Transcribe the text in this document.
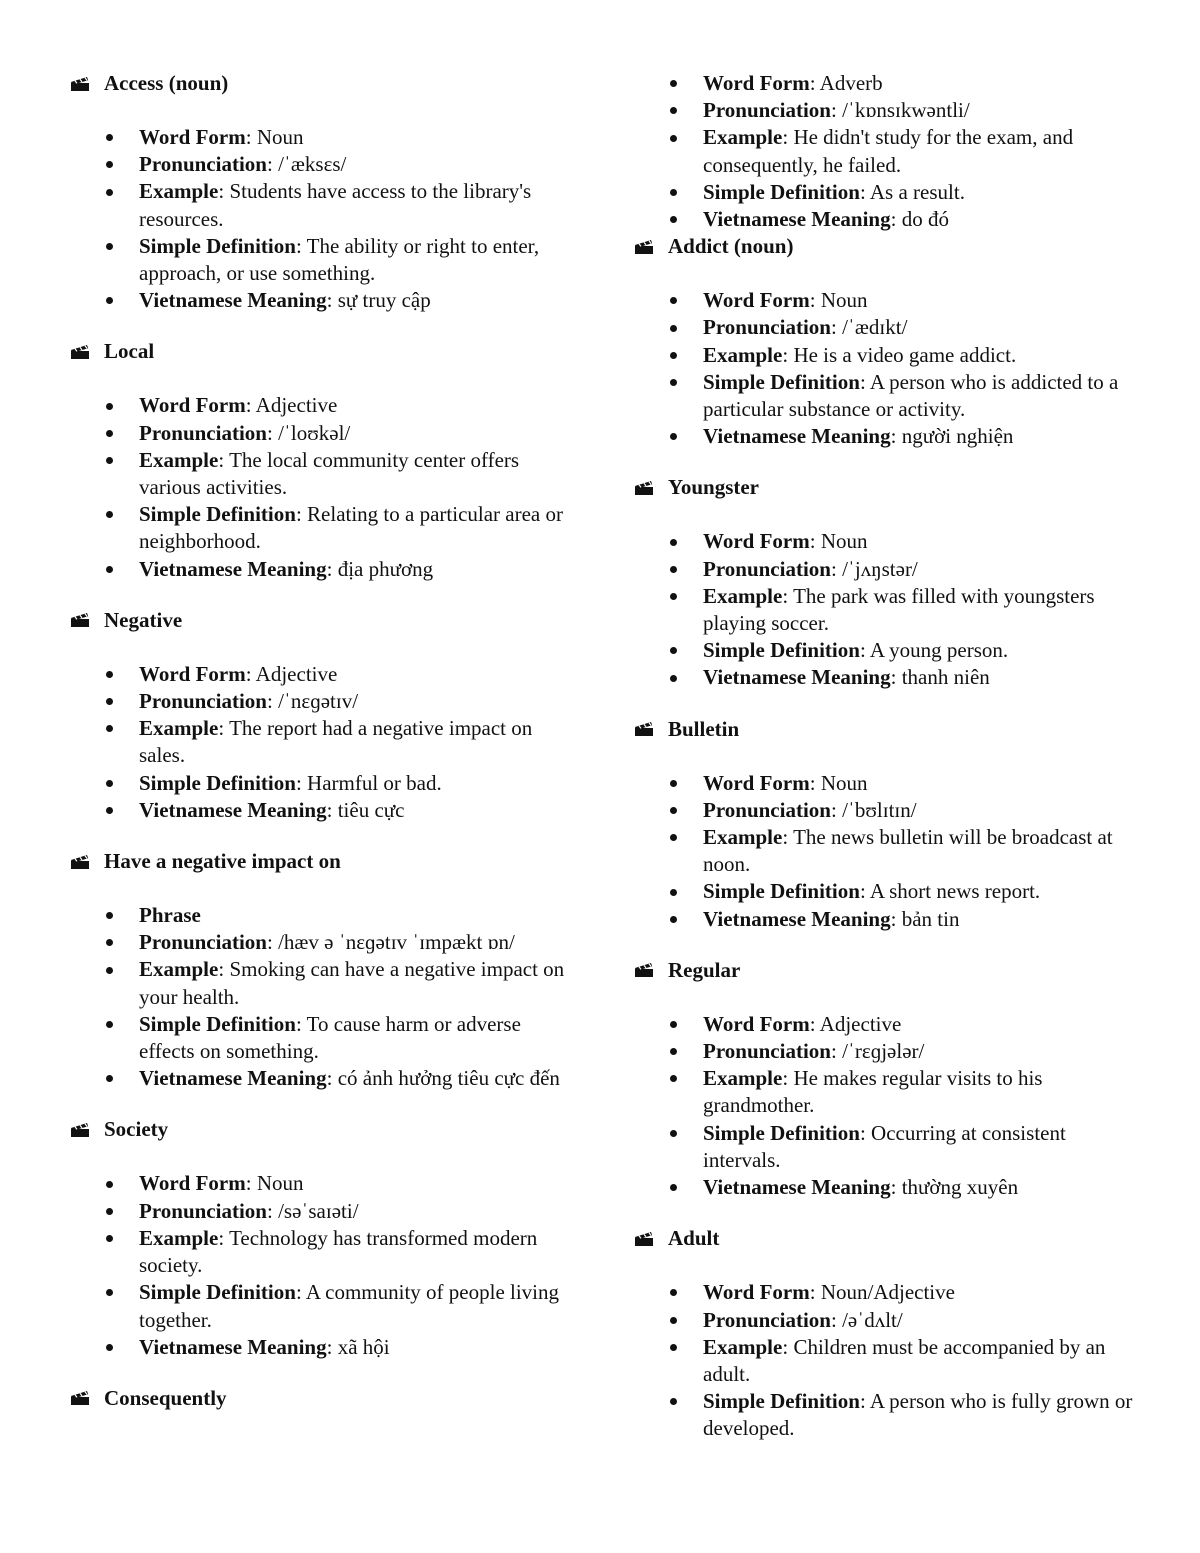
Access (noun)
Word Form: Noun
Pronunciation: /ˈæksɛs/
Example: Students have access to the library's resources.
Simple Definition: The ability or right to enter, approach, or use something.
Vietnamese Meaning: sự truy cập
Local
Word Form: Adjective
Pronunciation: /ˈloʊkəl/
Example: The local community center offers various activities.
Simple Definition: Relating to a particular area or neighborhood.
Vietnamese Meaning: địa phương
Negative
Word Form: Adjective
Pronunciation: /ˈnɛɡətɪv/
Example: The report had a negative impact on sales.
Simple Definition: Harmful or bad.
Vietnamese Meaning: tiêu cực
Have a negative impact on
Phrase
Pronunciation: /hæv ə ˈnɛɡətɪv ˈɪmpækt ɒn/
Example: Smoking can have a negative impact on your health.
Simple Definition: To cause harm or adverse effects on something.
Vietnamese Meaning: có ảnh hưởng tiêu cực đến
Society
Word Form: Noun
Pronunciation: /səˈsaɪəti/
Example: Technology has transformed modern society.
Simple Definition: A community of people living together.
Vietnamese Meaning: xã hội
Consequently
Word Form: Adverb
Pronunciation: /ˈkɒnsɪkwəntli/
Example: He didn't study for the exam, and consequently, he failed.
Simple Definition: As a result.
Vietnamese Meaning: do đó
Addict (noun)
Word Form: Noun
Pronunciation: /ˈædɪkt/
Example: He is a video game addict.
Simple Definition: A person who is addicted to a particular substance or activity.
Vietnamese Meaning: người nghiện
Youngster
Word Form: Noun
Pronunciation: /ˈjʌŋstər/
Example: The park was filled with youngsters playing soccer.
Simple Definition: A young person.
Vietnamese Meaning: thanh niên
Bulletin
Word Form: Noun
Pronunciation: /ˈbʊlɪtɪn/
Example: The news bulletin will be broadcast at noon.
Simple Definition: A short news report.
Vietnamese Meaning: bản tin
Regular
Word Form: Adjective
Pronunciation: /ˈrɛɡjələr/
Example: He makes regular visits to his grandmother.
Simple Definition: Occurring at consistent intervals.
Vietnamese Meaning: thường xuyên
Adult
Word Form: Noun/Adjective
Pronunciation: /əˈdʌlt/
Example: Children must be accompanied by an adult.
Simple Definition: A person who is fully grown or developed.
